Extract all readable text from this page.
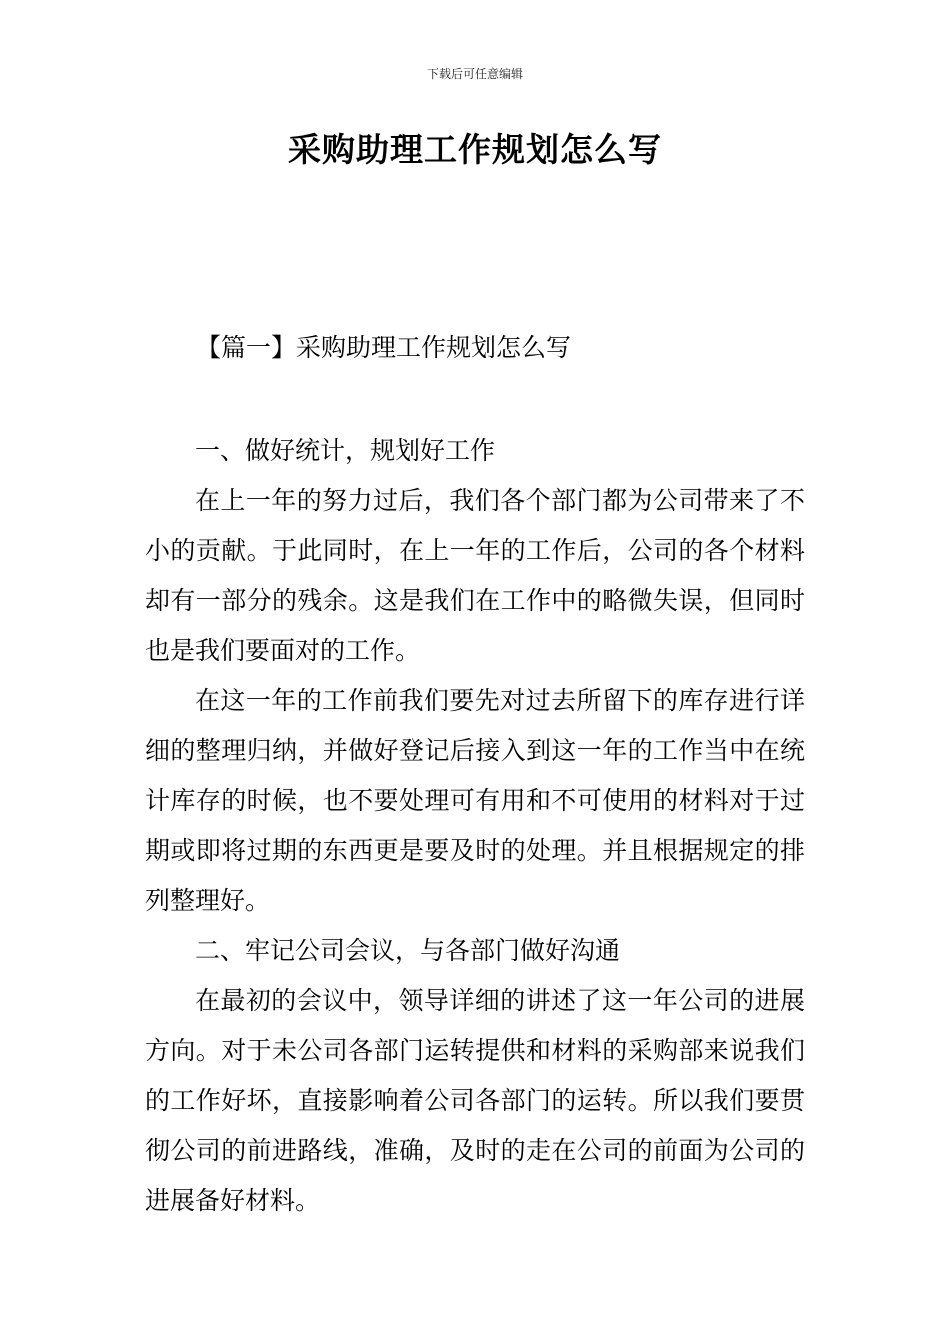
下载后可任意编辑
采购助理工作规划怎么写
【篇一】采购助理工作规划怎么写

一、做好统计，规划好工作

在上一年的努力过后，我们各个部门都为公司带来了不小的贡献。于此同时，在上一年的工作后，公司的各个材料却有一部分的残余。这是我们在工作中的略微失误，但同时也是我们要面对的工作。

在这一年的工作前我们要先对过去所留下的库存进行详细的整理归纳，并做好登记后接入到这一年的工作当中在统计库存的时候，也不要处理可有用和不可使用的材料对于过期或即将过期的东西更是要及时的处理。并且根据规定的排列整理好。

二、牢记公司会议，与各部门做好沟通

在最初的会议中，领导详细的讲述了这一年公司的进展方向。对于未公司各部门运转提供和材料的采购部来说我们的工作好坏，直接影响着公司各部门的运转。所以我们要贯彻公司的前进路线，准确，及时的走在公司的前面为公司的进展备好材料。
